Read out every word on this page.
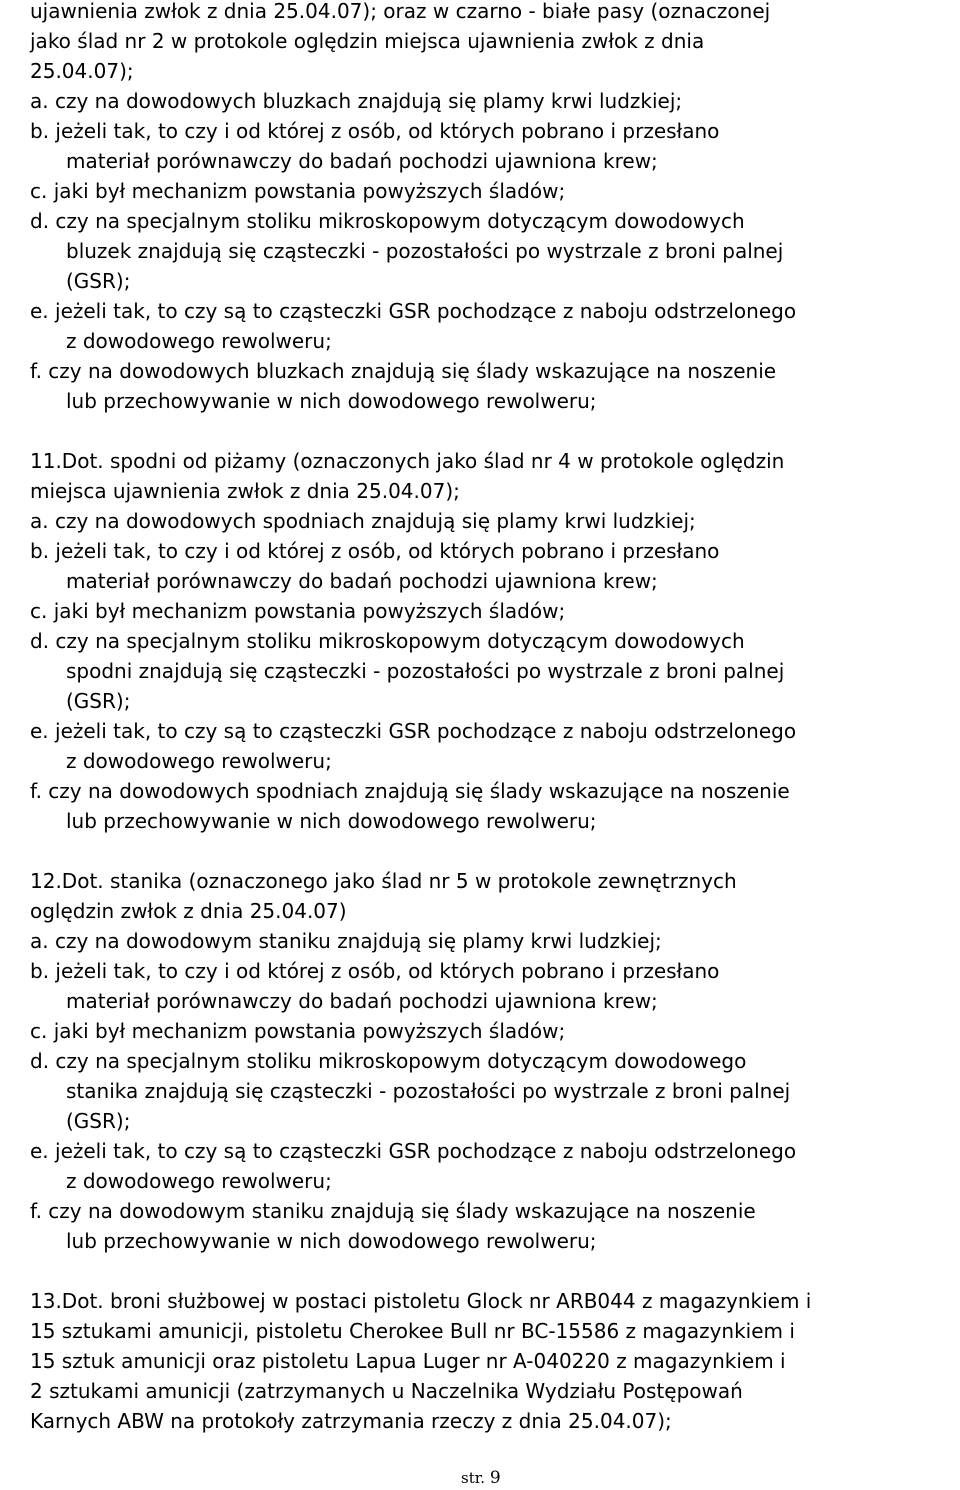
ujawnienia zwłok z dnia 25.04.07); oraz w czarno - białe pasy (oznaczonej
jako ślad nr 2 w protokole oględzin miejsca ujawnienia zwłok z dnia
25.04.07);
a. czy na dowodowych bluzkach znajdują się plamy krwi ludzkiej;
b. jeżeli tak, to czy i od której z osób, od których pobrano i przesłano
materiał porównawczy do badań pochodzi ujawniona krew;
c. jaki był mechanizm powstania powyższych śladów;
d. czy na specjalnym stoliku mikroskopowym dotyczącym dowodowych
bluzek znajdują się cząsteczki - pozostałości po wystrzale z broni palnej
(GSR);
e. jeżeli tak, to czy są to cząsteczki GSR pochodzące z naboju odstrzelonego
z dowodowego rewolweru;
f. czy na dowodowych bluzkach znajdują się ślady wskazujące na noszenie
lub przechowywanie w nich dowodowego rewolweru;
11.Dot. spodni od piżamy (oznaczonych jako ślad nr 4 w protokole oględzin
miejsca ujawnienia zwłok z dnia 25.04.07);
a. czy na dowodowych spodniach znajdują się plamy krwi ludzkiej;
b. jeżeli tak, to czy i od której z osób, od których pobrano i przesłano
materiał porównawczy do badań pochodzi ujawniona krew;
c. jaki był mechanizm powstania powyższych śladów;
d. czy na specjalnym stoliku mikroskopowym dotyczącym dowodowych
spodni znajdują się cząsteczki - pozostałości po wystrzale z broni palnej
(GSR);
e. jeżeli tak, to czy są to cząsteczki GSR pochodzące z naboju odstrzelonego
z dowodowego rewolweru;
f. czy na dowodowych spodniach znajdują się ślady wskazujące na noszenie
lub przechowywanie w nich dowodowego rewolweru;
12.Dot. stanika (oznaczonego jako ślad nr 5 w protokole zewnętrznych
oględzin zwłok z dnia 25.04.07)
a. czy na dowodowym staniku znajdują się plamy krwi ludzkiej;
b. jeżeli tak, to czy i od której z osób, od których pobrano i przesłano
materiał porównawczy do badań pochodzi ujawniona krew;
c. jaki był mechanizm powstania powyższych śladów;
d. czy na specjalnym stoliku mikroskopowym dotyczącym dowodowego
stanika znajdują się cząsteczki - pozostałości po wystrzale z broni palnej
(GSR);
e. jeżeli tak, to czy są to cząsteczki GSR pochodzące z naboju odstrzelonego
z dowodowego rewolweru;
f. czy na dowodowym staniku znajdują się ślady wskazujące na noszenie
lub przechowywanie w nich dowodowego rewolweru;
13.Dot. broni służbowej w postaci pistoletu Glock nr ARB044 z magazynkiem i
15 sztukami amunicji, pistoletu Cherokee Bull nr BC-15586 z magazynkiem i
15 sztuk amunicji oraz pistoletu Lapua Luger nr A-040220 z magazynkiem i
2 sztukami amunicji (zatrzymanych u Naczelnika Wydziału Postępowań
Karnych ABW na protokoły zatrzymania rzeczy z dnia 25.04.07);
str. 9
